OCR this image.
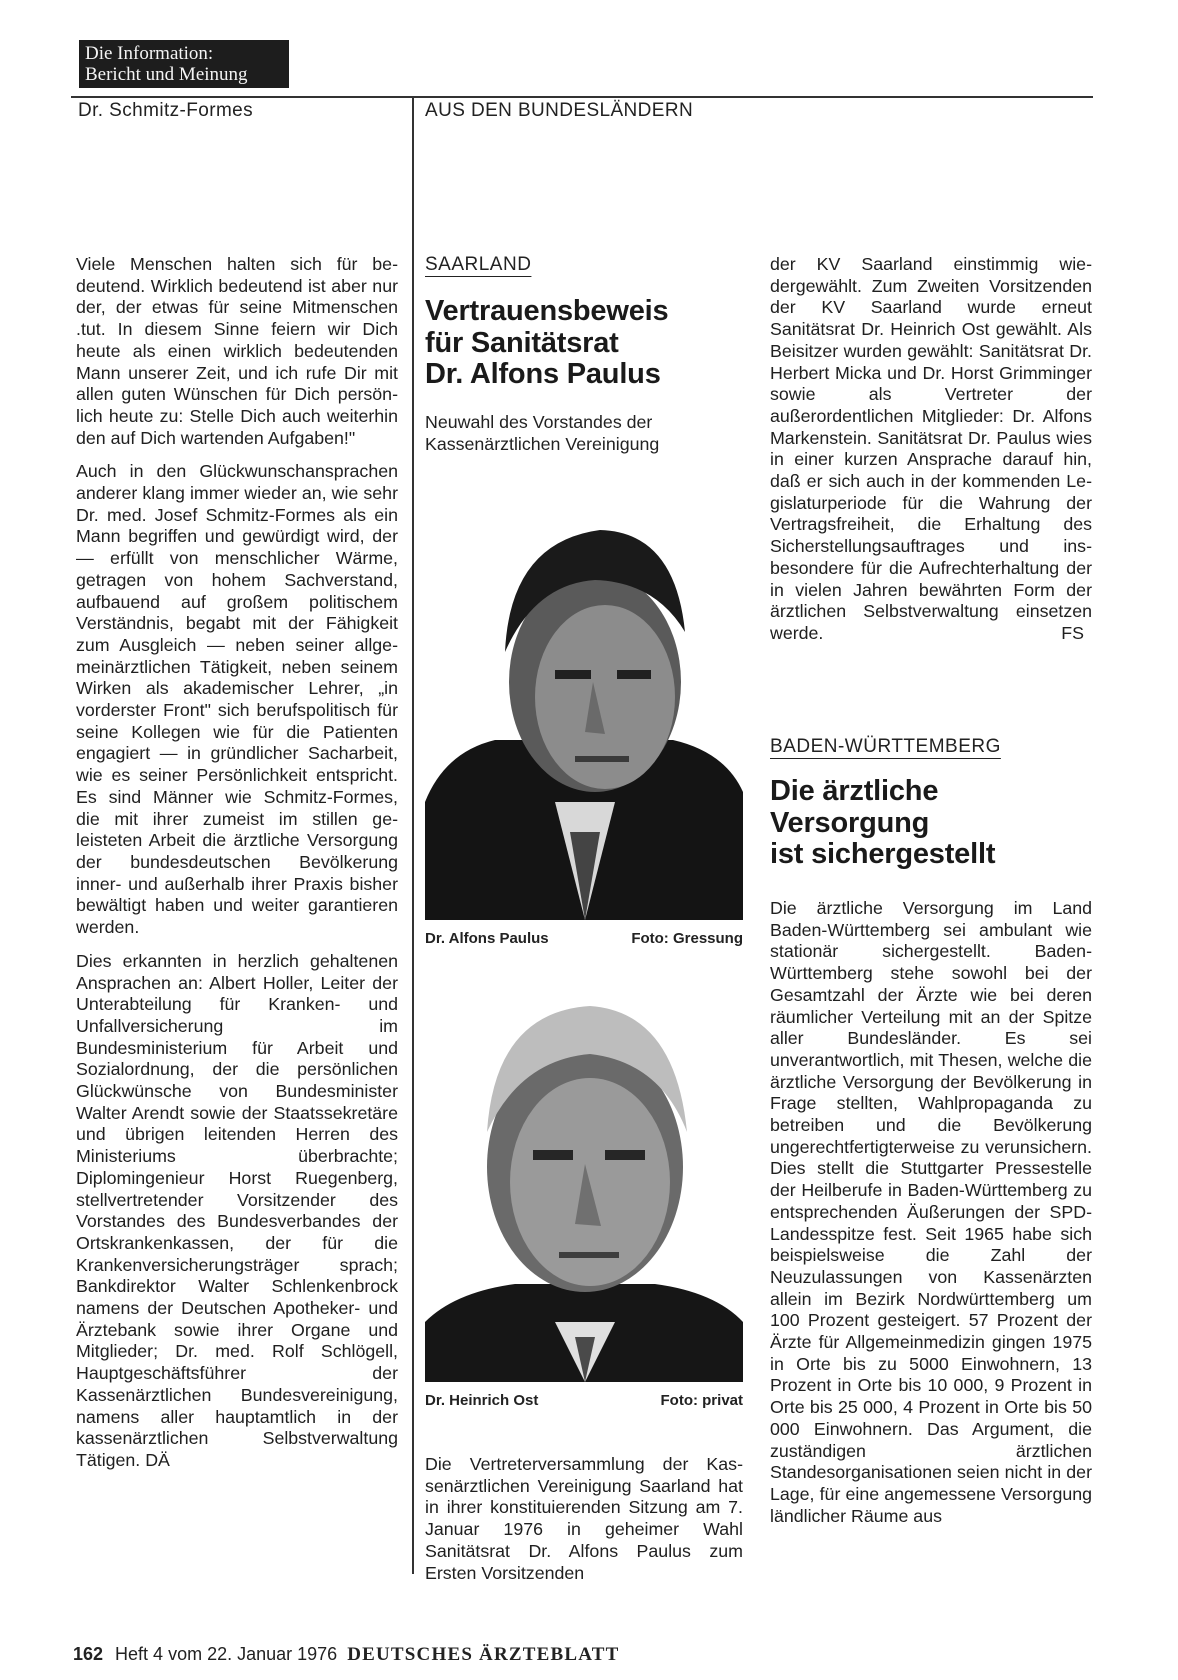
Die Information:
Bericht und Meinung
Dr. Schmitz-Formes	AUS DEN BUNDESLÄNDERN

Viele Menschen halten sich für bedeutend. Wirklich bedeutend ist aber nur der, der etwas für seine Mitmenschen .tut. In diesem Sinne feiern wir Dich heute als einen wirklich bedeutenden Mann unserer Zeit, und ich rufe Dir mit allen guten Wünschen für Dich persönlich heute zu: Stelle Dich auch weiterhin den auf Dich wartenden Aufgaben!"

Auch in den Glückwunschansprachen anderer klang immer wieder an, wie sehr Dr. med. Josef Schmitz-Formes als ein Mann begriffen und gewürdigt wird, der — erfüllt von menschlicher Wärme, getragen von hohem Sachverstand, aufbauend auf großem politischem Verständnis, begabt mit der Fähigkeit zum Ausgleich — neben seiner allgemeinärztlichen Tätigkeit, neben seinem Wirken als akademischer Lehrer, „in vorderster Front" sich berufspolitisch für seine Kollegen wie für die Patienten engagiert — in gründlicher Sacharbeit, wie es seiner Persönlichkeit entspricht. Es sind Männer wie Schmitz-Formes, die mit ihrer zumeist im stillen geleisteten Arbeit die ärztliche Versorgung der bundesdeutschen Bevölkerung inner- und außerhalb ihrer Praxis bisher bewältigt haben und weiter garantieren werden.

Dies erkannten in herzlich gehaltenen Ansprachen an: Albert Holler, Leiter der Unterabteilung für Kranken- und Unfallversicherung im Bundesministerium für Arbeit und Sozialordnung, der die persönlichen Glückwünsche von Bundesminister Walter Arendt sowie der Staatssekretäre und übrigen leitenden Herren des Ministeriums überbrachte; Diplomingenieur Horst Ruegenberg, stellvertretender Vorsitzender des Vorstandes des Bundesverbandes der Ortskrankenkassen, der für die Krankenversicherungsträger sprach; Bankdirektor Walter Schlenkenbrock namens der Deutschen Apotheker- und Ärztebank sowie ihrer Organe und Mitglieder; Dr. med. Rolf Schlögell, Hauptgeschäftsführer der Kassenärztlichen Bundesvereinigung, namens aller hauptamtlich in der kassenärztlichen Selbstverwaltung Tätigen. DÄ

SAARLAND
Vertrauensbeweis
für Sanitätsrat
Dr. Alfons Paulus
Neuwahl des Vorstandes der Kassenärztlichen Vereinigung
Dr. Alfons Paulus	Foto: Gressung
Dr. Heinrich Ost	Foto: privat

Die Vertreterversammlung der Kassenärztlichen Vereinigung Saarland hat in ihrer konstituierenden Sitzung am 7. Januar 1976 in geheimer Wahl Sanitätsrat Dr. Alfons Paulus zum Ersten Vorsitzenden

der KV Saarland einstimmig wiedergewählt. Zum Zweiten Vorsitzenden der KV Saarland wurde erneut Sanitätsrat Dr. Heinrich Ost gewählt. Als Beisitzer wurden gewählt: Sanitätsrat Dr. Herbert Micka und Dr. Horst Grimminger sowie als Vertreter der außerordentlichen Mitglieder: Dr. Alfons Markenstein. Sanitätsrat Dr. Paulus wies in einer kurzen Ansprache darauf hin, daß er sich auch in der kommenden Legislaturperiode für die Wahrung der Vertragsfreiheit, die Erhaltung des Sicherstellungsauftrages und insbesondere für die Aufrechterhaltung der in vielen Jahren bewährten Form der ärztlichen Selbstverwaltung einsetzen werde.	FS

BADEN-WÜRTTEMBERG
Die ärztliche
Versorgung
ist sichergestellt

Die ärztliche Versorgung im Land Baden-Württemberg sei ambulant wie stationär sichergestellt. Baden-Württemberg stehe sowohl bei der Gesamtzahl der Ärzte wie bei deren räumlicher Verteilung mit an der Spitze aller Bundesländer. Es sei unverantwortlich, mit Thesen, welche die ärztliche Versorgung der Bevölkerung in Frage stellten, Wahlpropaganda zu betreiben und die Bevölkerung ungerechtfertigterweise zu verunsichern. Dies stellt die Stuttgarter Pressestelle der Heilberufe in Baden-Württemberg zu entsprechenden Äußerungen der SPD-Landesspitze fest. Seit 1965 habe sich beispielsweise die Zahl der Neuzulassungen von Kassenärzten allein im Bezirk Nordwürttemberg um 100 Prozent gesteigert. 57 Prozent der Ärzte für Allgemeinmedizin gingen 1975 in Orte bis zu 5000 Einwohnern, 13 Prozent in Orte bis 10 000, 9 Prozent in Orte bis 25 000, 4 Prozent in Orte bis 50 000 Einwohnern. Das Argument, die zuständigen ärztlichen Standesorganisationen seien nicht in der Lage, für eine angemessene Versorgung ländlicher Räume aus

162 Heft 4 vom 22. Januar 1976 DEUTSCHES ÄRZTEBLATT
